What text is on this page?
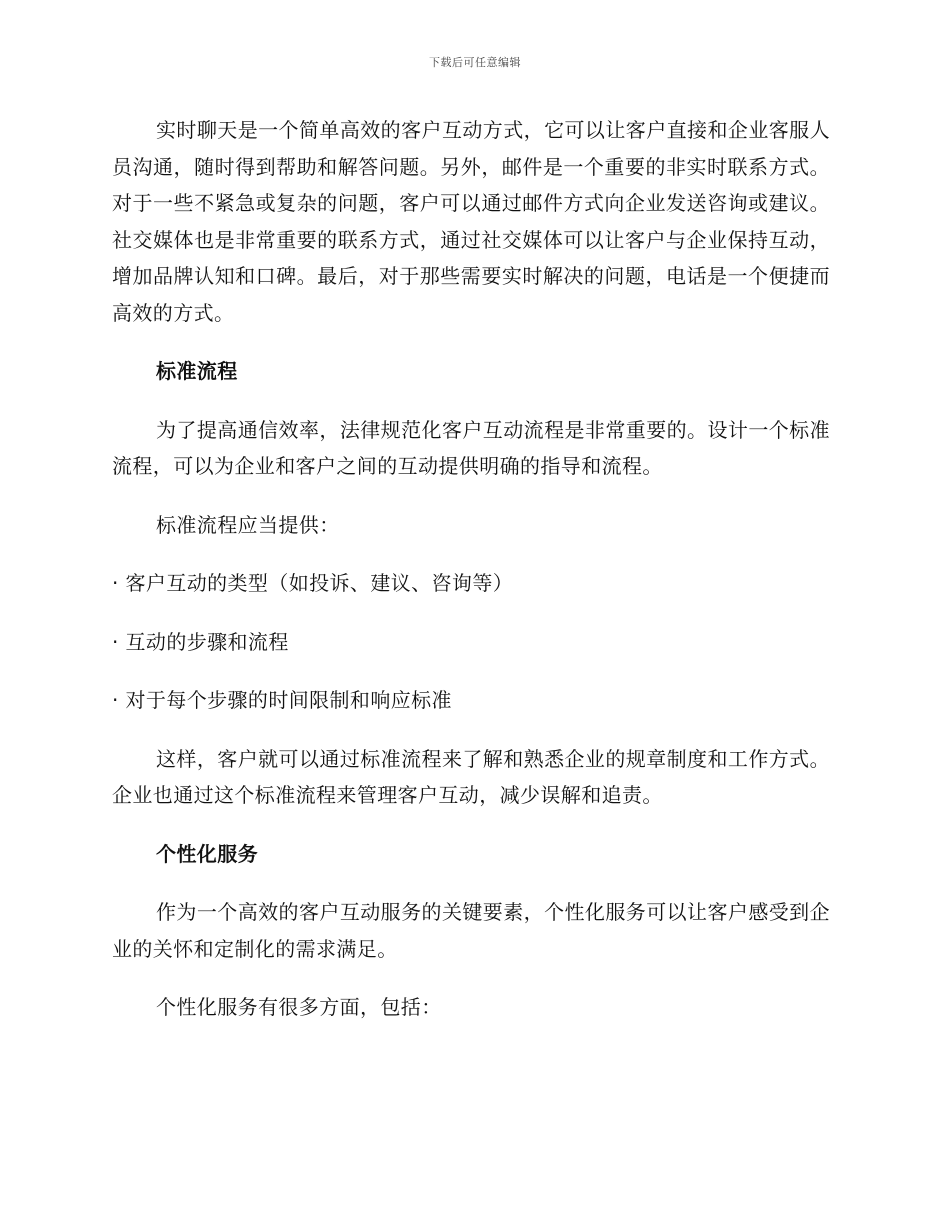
下载后可任意编辑

实时聊天是一个简单高效的客户互动方式，它可以让客户直接和企业客服人员沟通，随时得到帮助和解答问题。另外，邮件是一个重要的非实时联系方式。对于一些不紧急或复杂的问题，客户可以通过邮件方式向企业发送咨询或建议。社交媒体也是非常重要的联系方式，通过社交媒体可以让客户与企业保持互动，增加品牌认知和口碑。最后，对于那些需要实时解决的问题，电话是一个便捷而高效的方式。

标准流程

为了提高通信效率，法律规范化客户互动流程是非常重要的。设计一个标准流程，可以为企业和客户之间的互动提供明确的指导和流程。

标准流程应当提供：

· 客户互动的类型（如投诉、建议、咨询等）

· 互动的步骤和流程

· 对于每个步骤的时间限制和响应标准

这样，客户就可以通过标准流程来了解和熟悉企业的规章制度和工作方式。企业也通过这个标准流程来管理客户互动，减少误解和追责。

个性化服务

作为一个高效的客户互动服务的关键要素，个性化服务可以让客户感受到企业的关怀和定制化的需求满足。

个性化服务有很多方面，包括：
